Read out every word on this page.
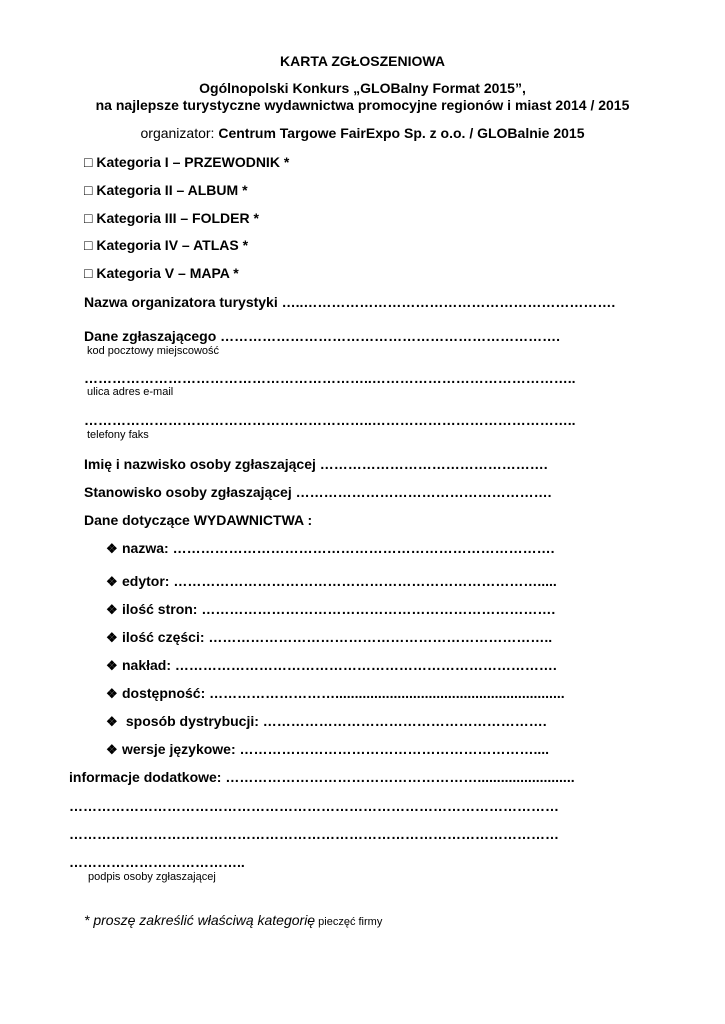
KARTA ZGŁOSZENIOWA
Ogólnopolski Konkurs „GLOBalny Format 2015”,
na najlepsze turystyczne wydawnictwa promocyjne regionów i miast 2014 / 2015
organizator: Centrum Targowe FairExpo Sp. z o.o. / GLOBalnie 2015
□ Kategoria I – PRZEWODNIK *
□ Kategoria II – ALBUM *
□ Kategoria III – FOLDER *
□ Kategoria IV – ATLAS *
□ Kategoria V – MAPA *
Nazwa organizatora turystyki …..………………………………………………………….
Dane zgłaszającego ……………………………………………………………….
kod pocztowy miejscowość
……………………………………………………..……………………………………..
ulica adres e-mail
……………………………………………………..……………………………………..
telefony faks
Imię i nazwisko osoby zgłaszającej ………………………………………….
Stanowisko osoby zgłaszającej ……………………………………………….
Dane dotyczące WYDAWNICTWA :
❖ nazwa: ……………………………………………………………………….
❖ edytor: …………………………………………………………………….....
❖ ilość stron: ………………………………………………………………….
❖ ilość części: ………………………………………………………………..
❖ nakład: ……………………………………………………………………….
❖ dostępność: ………………………...........................................................
❖ sposób dystrybucji: …………………………………………………….
❖ wersje językowe: ………………………………………………………....
informacje dodatkowe: ……………………………………………….........................
……………………………………………………………………………………………
……………………………………………………………………………………………
………………………………..
podpis osoby zgłaszającej
* proszę zakreślić właściwą kategorię pieczęć firmy
